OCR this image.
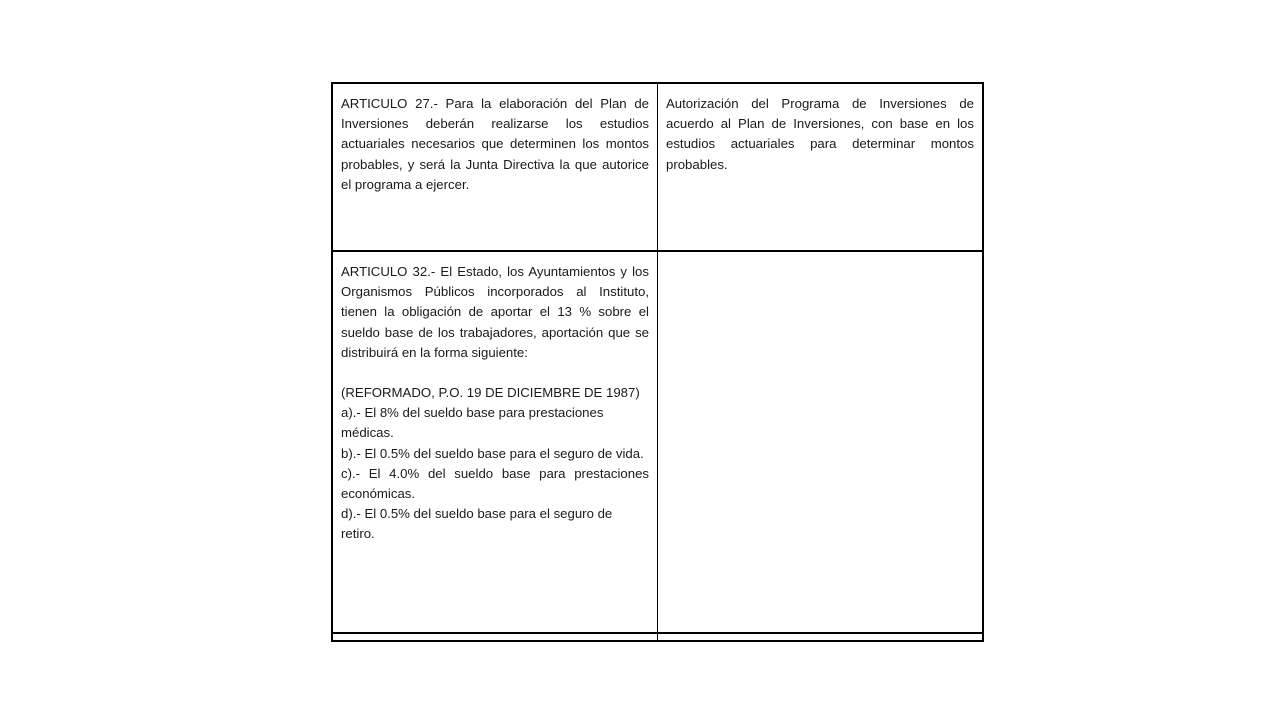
ARTICULO 27.- Para la elaboración del Plan de Inversiones deberán realizarse los estudios actuariales necesarios que determinen los montos probables, y será la Junta Directiva la que autorice el programa a ejercer.	Autorización del Programa de Inversiones de acuerdo al Plan de Inversiones, con base en los estudios actuariales para determinar montos probables.

ARTICULO 32.- El Estado, los Ayuntamientos y los Organismos Públicos incorporados al Instituto, tienen la obligación de aportar el 13 % sobre el sueldo base de los trabajadores, aportación que se distribuirá en la forma siguiente:

(REFORMADO, P.O. 19 DE DICIEMBRE DE 1987)

a).- El 8% del sueldo base para prestaciones médicas.

b).- El 0.5% del sueldo base para el seguro de vida.

c).- El 4.0% del sueldo base para prestaciones económicas.

d).- El 0.5% del sueldo base para el seguro de retiro.
